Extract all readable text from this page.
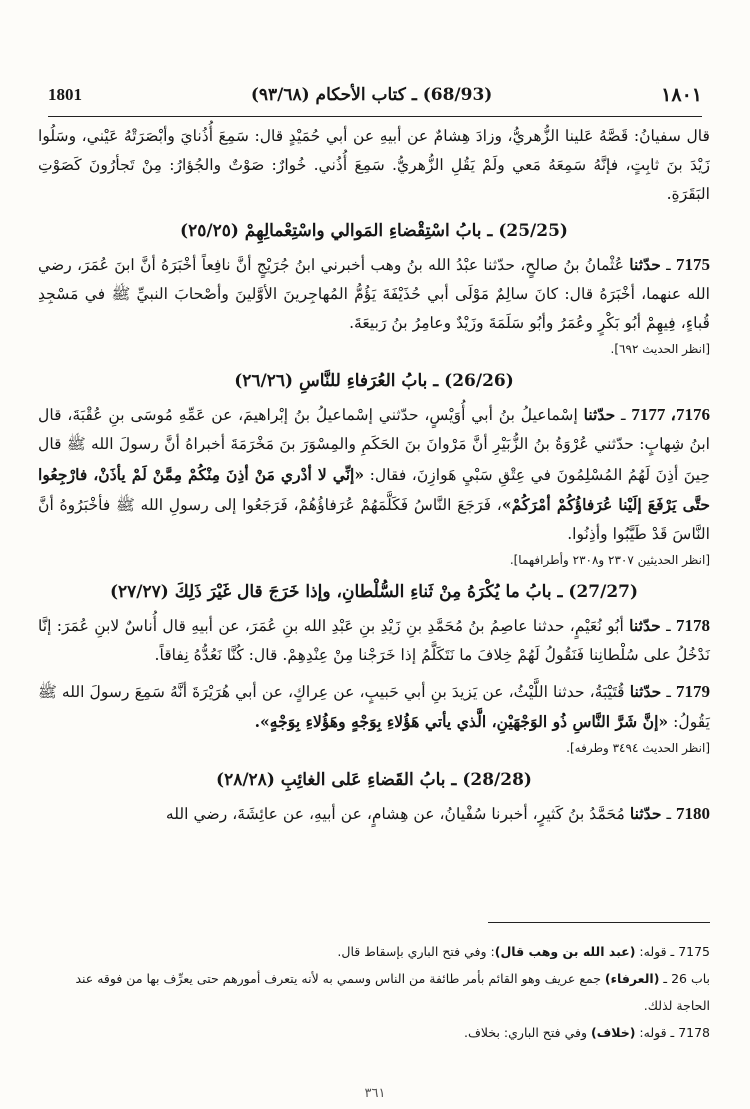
1801	(68/93) ـ كتاب الأحكام (٩٣/٦٨)	١٨٠١

قال سفيانُ: قَصَّهُ عَلينا الزُّهريُّ، وزادَ هِشامٌ عن أبيهِ عن أبي حُمَيْدٍ قال: سَمِعَ أُذُنايَ وأبْصَرَتْهُ عَيْني، وسَلُوا زَيْدَ بنَ ثابِتٍ، فإنَّهُ سَمِعَهُ مَعي ولَمْ يَقُلِ الزُّهريُّ. سَمِعَ أُذُني. خُوارٌ: صَوْتٌ والجُؤارُ: مِنْ تَجأرُونَ كَصَوْتِ البَقَرَةِ.

(25/25) ـ بابُ اسْتِقْضاءِ المَوالي واسْتِعْمالِهِمْ (٢٥/٢٥)

7175 ـ حدّثنا عُثْمانُ بنُ صالحٍ، حدّثنا عبْدُ الله بنُ وهب أخبرني ابنُ جُرَيْجٍ أنَّ نافِعاً أخْبَرَهُ أنَّ ابنَ عُمَرَ، رضي الله عنهما، أخْبَرَهُ قال: كانَ سالِمٌ مَوْلَى أبي حُذَيْفَةَ يَؤُمُّ المُهاجِرينَ الأوَّلينَ وأصْحابَ النبيِّ ﷺ في مَسْجِدِ قُباءٍ، فِيهِمْ أبُو بَكْرٍ وعُمَرُ وأبُو سَلَمَةَ وزَيْدٌ وعامِرُ بنُ رَبيعَةَ.

[انظر الحديث ٦٩٢].
(26/26) ـ بابُ العُرَفاءِ للنَّاسِ (٢٦/٢٦)

7176، 7177 ـ حدّثنا إسْماعيلُ بنُ أبي أُوَيْسٍ، حدّثني إسْماعيلُ بنُ إبْراهيمَ، عن عَمِّهِ مُوسَى بنِ عُقْبَةَ، قال ابنُ شِهابٍ: حدّثني عُرْوَةُ بنُ الزُّبَيْرِ أنَّ مَرْوانَ بنَ الحَكَمِ والمِسْوَرَ بنَ مَخْرَمَةَ أخبراهُ أنَّ رسولَ الله ﷺ قال حِينَ أذِنَ لَهُمُ المُسْلِمُونَ في عِتْقِ سَبْيِ هَوازِنَ، فقال: «إنِّي لا أدْري مَنْ أذِنَ مِنْكُمْ مِمَّنْ لَمْ يأذَنْ، فارْجِعُوا حتَّى يَرْفَعَ إلَيْنا عُرَفاؤُكُمْ أمْرَكُمْ»، فَرَجَعَ النَّاسُ فَكَلَّمَهُمْ عُرَفاؤُهُمْ، فَرَجَعُوا إلى رسولِ الله ﷺ فأخْبَرُوهُ أنَّ النَّاسَ قَدْ طَيَّبُوا وأذِنُوا.

[انظر الحديثين ٢٣٠٧ و٢٣٠٨ وأطرافهما].
(27/27) ـ بابُ ما يُكْرَهُ مِنْ ثَناءِ السُّلْطانِ، وإذا خَرَجَ قال غَيْرَ ذَلِكَ (٢٧/٢٧)

7178 ـ حدّثنا أبُو نُعَيْمٍ، حدثنا عاصِمُ بنُ مُحَمَّدِ بنِ زَيْدِ بنِ عَبْدِ الله بنِ عُمَرَ، عن أبيهِ قال أُناسٌ لابنِ عُمَرَ: إنَّا نَدْخُلُ على سُلْطانِنا فَنَقُولُ لَهُمْ خِلافَ ما نَتَكَلَّمُ إذا خَرَجْنا مِنْ عِنْدِهِمْ. قال: كُنَّا نَعُدُّهُ نِفاقاً.

7179 ـ حدّثنا قُتَيْبَةُ، حدثنا اللَّيْثُ، عن يَزيدَ بنِ أبي حَبيبٍ، عن عِراكٍ، عن أبي هُرَيْرَةَ أنَّهُ سَمِعَ رسولَ الله ﷺ يَقُولُ: «إنَّ شَرَّ النَّاسِ ذُو الوَجْهَيْنِ، الَّذي يأتي هَؤُلاءِ بِوَجْهٍ وهَؤُلاءِ بِوَجْهٍ».

[انظر الحديث ٣٤٩٤ وطرفه].
(28/28) ـ بابُ القَضاءِ عَلى الغائِبِ (٢٨/٢٨)

7180 ـ حدّثنا مُحَمَّدُ بنُ كَثيرٍ، أخبرنا سُفْيانُ، عن هِشامٍ، عن أبيهِ، عن عائِشَةَ، رضي الله

7175 ـ قوله: (عبد الله بن وهب قال): وفي فتح الباري بإسقاط قال.

باب 26 ـ (العرفاء) جمع عريف وهو القائم بأمر طائفة من الناس وسمي به لأنه يتعرف أمورهم حتى يعرِّف بها من فوقه عند الحاجة لذلك.

7178 ـ قوله: (خلاف) وفي فتح الباري: بخلاف.

٣٦١
